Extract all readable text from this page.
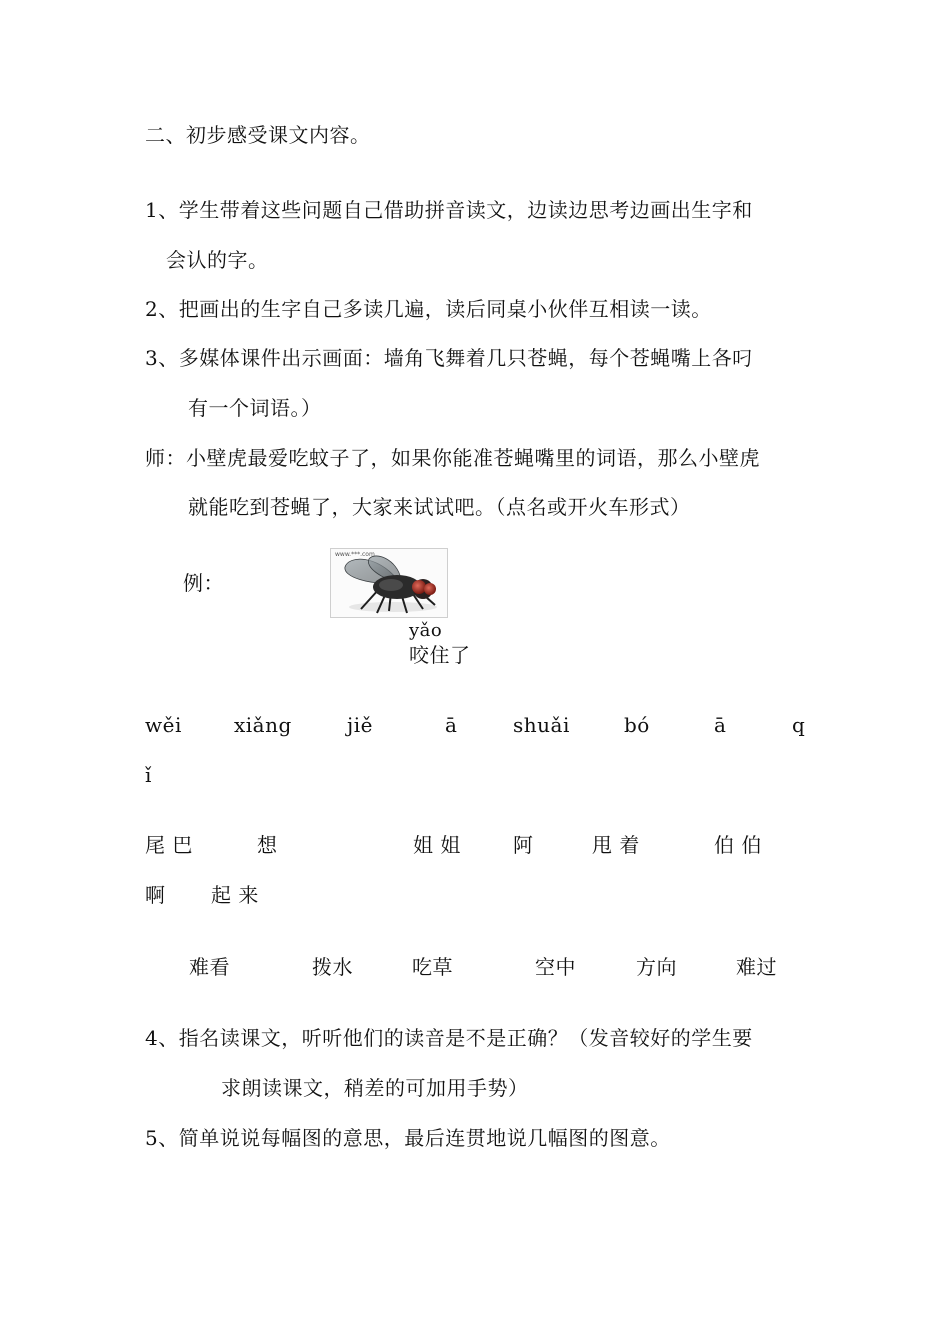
二、初步感受课文内容。

1、学生带着这些问题自己借助拼音读文，边读边思考边画出生字和

会认的字。

2、把画出的生字自己多读几遍，读后同桌小伙伴互相读一读。

3、多媒体课件出示画面：墙角飞舞着几只苍蝇，每个苍蝇嘴上各叼

有一个词语。）

师：小壁虎最爱吃蚊子了，如果你能准苍蝇嘴里的词语，那么小壁虎

就能吃到苍蝇了，大家来试试吧。（点名或开火车形式）

例：

www.***.com

yǎo

咬住了

wěi	xiǎng	jiě	ā	shuǎi	bó	ā	q
ǐ
尾 巴	想	姐 姐	阿	甩 着	伯 伯
啊 起 来
难看	拨水	吃草	空中	方向	难过

4、指名读课文，听听他们的读音是不是正确？（发音较好的学生要

求朗读课文，稍差的可加用手势）

5、简单说说每幅图的意思，最后连贯地说几幅图的图意。
